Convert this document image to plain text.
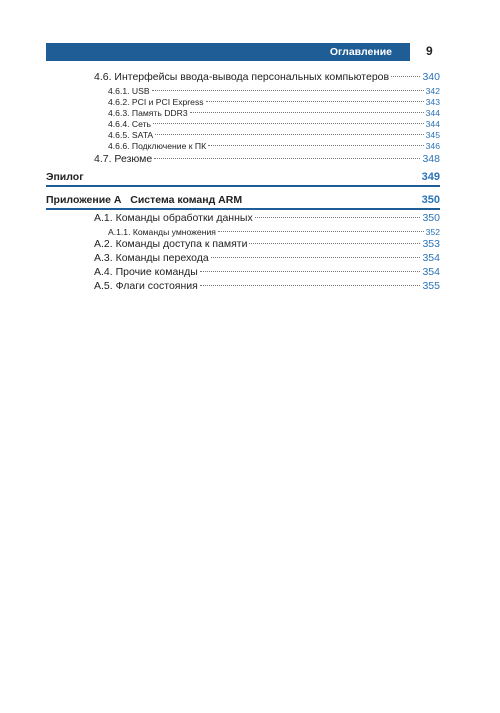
Оглавление	9
4.6. Интерфейсы ввода-вывода персональных компьютеров	340
4.6.1. USB	342
4.6.2. PCI и PCI Express	343
4.6.3. Память DDR3	344
4.6.4. Сеть	344
4.6.5. SATA	345
4.6.6. Подключение к ПК	346
4.7. Резюме	348
Эпилог	349
Приложение А   Система команд ARM	350
А.1. Команды обработки данных	350
А.1.1. Команды умножения	352
А.2. Команды доступа к памяти	353
А.3. Команды перехода	354
А.4. Прочие команды	354
А.5. Флаги состояния	355
